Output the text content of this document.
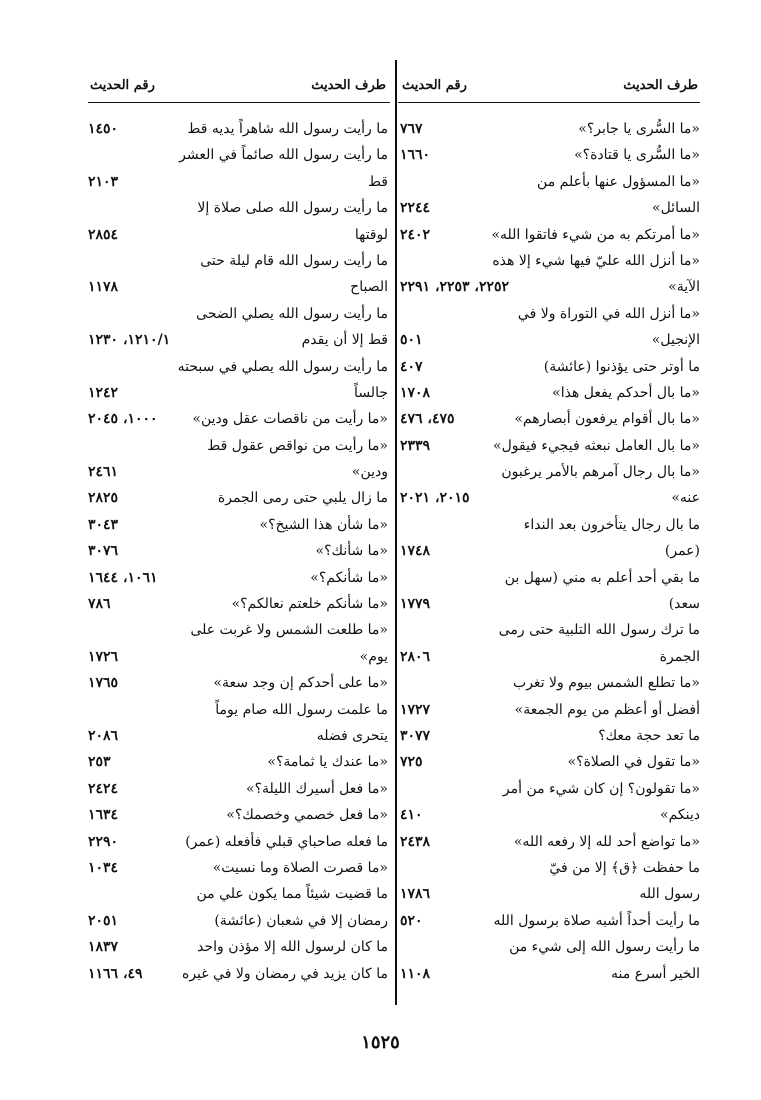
طرف الحديث
رقم الحديث
«ما السُّرى يا جابر؟»
٧٦٧
«ما السُّرى يا قتادة؟»
١٦٦٠
«ما المسؤول عنها بأعلم من
السائل»
٢٢٤٤
«ما أمرتكم به من شيء فاتقوا الله»
٢٤٠٢
«ما أنزل الله عليّ فيها شيء إلا هذه
الآية»
٢٢٥٢، ٢٢٥٣، ٢٢٩١
«ما أنزل الله في التوراة ولا في
الإنجيل»
٥٠١
ما أوتر حتى يؤذنوا (عائشة)
٤٠٧
«ما بال أحدكم يفعل هذا»
١٧٠٨
«ما بال أقوام يرفعون أبصارهم»
٤٧٥، ٤٧٦
«ما بال العامل نبعثه فيجيء فيقول»
٢٣٣٩
«ما بال رجال آمرهم بالأمر يرغبون
عنه»
٢٠١٥، ٢٠٢١
ما بال رجال يتأخرون بعد النداء
(عمر)
١٧٤٨
ما بقي أحد أعلم به مني (سهل بن
سعد)
١٧٧٩
ما ترك رسول الله التلبية حتى رمى
الجمرة
٢٨٠٦
«ما تطلع الشمس بيوم ولا تغرب
أفضل أو أعظم من يوم الجمعة»
١٧٢٧
ما تعد حجة معك؟
٣٠٧٧
«ما تقول في الصلاة؟»
٧٢٥
«ما تقولون؟ إن كان شيء من أمر
دينكم»
٤١٠
«ما تواضع أحد لله إلا رفعه الله»
٢٤٣٨
ما حفظت ﴿ق﴾ إلا من فيّ
رسول الله
١٧٨٦
ما رأيت أحداً أشبه صلاة برسول الله
٥٢٠
ما رأيت رسول الله إلى شيء من
الخير أسرع منه
١١٠٨
طرف الحديث
رقم الحديث
ما رأيت رسول الله شاهراً يديه قط
١٤٥٠
ما رأيت رسول الله صائماً في العشر
قط
٢١٠٣
ما رأيت رسول الله صلى صلاة إلا
لوقتها
٢٨٥٤
ما رأيت رسول الله قام ليلة حتى
الصباح
١١٧٨
ما رأيت رسول الله يصلي الضحى
قط إلا أن يقدم
١٢١٠/١، ١٢٣٠
ما رأيت رسول الله يصلي في سبحته
جالساً
١٢٤٢
«ما رأيت من ناقصات عقل ودين»
١٠٠٠، ٢٠٤٥
«ما رأيت من نواقص عقول قط
ودين»
٢٤٦١
ما زال يلبي حتى رمى الجمرة
٢٨٢٥
«ما شأن هذا الشيخ؟»
٣٠٤٣
«ما شأنك؟»
٣٠٧٦
«ما شأنكم؟»
١٠٦١، ١٦٤٤
«ما شأنكم خلعتم نعالكم؟»
٧٨٦
«ما طلعت الشمس ولا غربت على
يوم»
١٧٢٦
«ما على أحدكم إن وجد سعة»
١٧٦٥
ما علمت رسول الله صام يوماً
يتحرى فضله
٢٠٨٦
«ما عندك يا ثمامة؟»
٢٥٣
«ما فعل أسيرك الليلة؟»
٢٤٢٤
«ما فعل خصمي وخصمك؟»
١٦٣٤
ما فعله صاحباي قبلي فأفعله (عمر)
٢٢٩٠
«ما قصرت الصلاة وما نسيت»
١٠٣٤
ما قضيت شيئاً مما يكون علي من
رمضان إلا في شعبان (عائشة)
٢٠٥١
ما كان لرسول الله إلا مؤذن واحد
١٨٣٧
ما كان يزيد في رمضان ولا في غيره
٤٩، ١١٦٦
١٥٢٥
